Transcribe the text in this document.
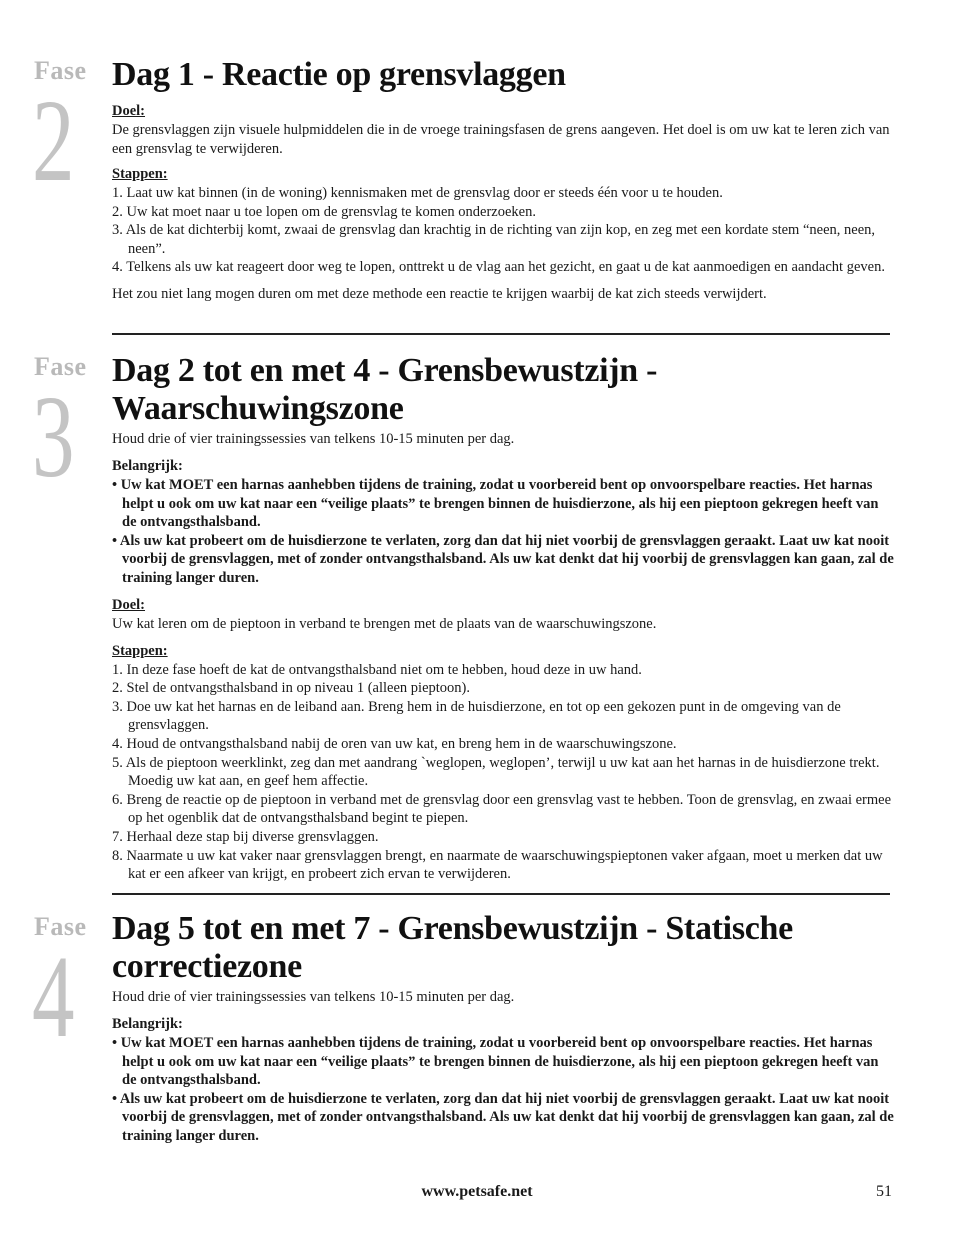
Fase
2
Dag 1 - Reactie op grensvlaggen
Doel:

De grensvlaggen zijn visuele hulpmiddelen die in de vroege trainingsfasen de grens aangeven. Het doel is om uw kat te leren zich van een grensvlag te verwijderen.

Stappen:
1. Laat uw kat binnen (in de woning) kennismaken met de grensvlag door er steeds één voor u te houden.
2. Uw kat moet naar u toe lopen om de grensvlag te komen onderzoeken.
3. Als de kat dichterbij komt, zwaai de grensvlag dan krachtig in de richting van zijn kop, en zeg met een kordate stem “neen, neen, neen”.
4. Telkens als uw kat reageert door weg te lopen, onttrekt u de vlag aan het gezicht, en gaat u de kat aanmoedigen en aandacht geven.

Het zou niet lang mogen duren om met deze methode een reactie te krijgen waarbij de kat zich steeds verwijdert.

Fase
3
Dag 2 tot en met 4 - Grensbewustzijn - Waarschuwingszone

Houd drie of vier trainingssessies van telkens 10-15 minuten per dag.

Belangrijk:
• Uw kat MOET een harnas aanhebben tijdens de training, zodat u voorbereid bent op onvoorspelbare reacties. Het harnas helpt u ook om uw kat naar een “veilige plaats” te brengen binnen de huisdierzone, als hij een pieptoon gekregen heeft van de ontvangsthalsband.
• Als uw kat probeert om de huisdierzone te verlaten, zorg dan dat hij niet voorbij de grensvlaggen geraakt. Laat uw kat nooit voorbij de grensvlaggen, met of zonder ontvangsthalsband. Als uw kat denkt dat hij voorbij de grensvlaggen kan gaan, zal de training langer duren.
Doel:

Uw kat leren om de pieptoon in verband te brengen met de plaats van de waarschuwingszone.

Stappen:
1. In deze fase hoeft de kat de ontvangsthalsband niet om te hebben, houd deze in uw hand.
2. Stel de ontvangsthalsband in op niveau 1 (alleen pieptoon).
3. Doe uw kat het harnas en de leiband aan. Breng hem in de huisdierzone, en tot op een gekozen punt in de omgeving van de grensvlaggen.
4. Houd de ontvangsthalsband nabij de oren van uw kat, en breng hem in de waarschuwingszone.
5. Als de pieptoon weerklinkt, zeg dan met aandrang `weglopen, weglopen’, terwijl u uw kat aan het harnas in de huisdierzone trekt. Moedig uw kat aan, en geef hem affectie.
6. Breng de reactie op de pieptoon in verband met de grensvlag door een grensvlag vast te hebben. Toon de grensvlag, en zwaai ermee op het ogenblik dat de ontvangsthalsband begint te piepen.
7. Herhaal deze stap bij diverse grensvlaggen.
8. Naarmate u uw kat vaker naar grensvlaggen brengt, en naarmate de waarschuwingspieptonen vaker afgaan, moet u merken dat uw kat er een afkeer van krijgt, en probeert zich ervan te verwijderen.
Fase
4
Dag 5 tot en met 7 - Grensbewustzijn - Statische correctiezone

Houd drie of vier trainingssessies van telkens 10-15 minuten per dag.

Belangrijk:
• Uw kat MOET een harnas aanhebben tijdens de training, zodat u voorbereid bent op onvoorspelbare reacties. Het harnas helpt u ook om uw kat naar een “veilige plaats” te brengen binnen de huisdierzone, als hij een pieptoon gekregen heeft van de ontvangsthalsband.
• Als uw kat probeert om de huisdierzone te verlaten, zorg dan dat hij niet voorbij de grensvlaggen geraakt. Laat uw kat nooit voorbij de grensvlaggen, met of zonder ontvangsthalsband. Als uw kat denkt dat hij voorbij de grensvlaggen kan gaan, zal de training langer duren.
www.petsafe.net	51
